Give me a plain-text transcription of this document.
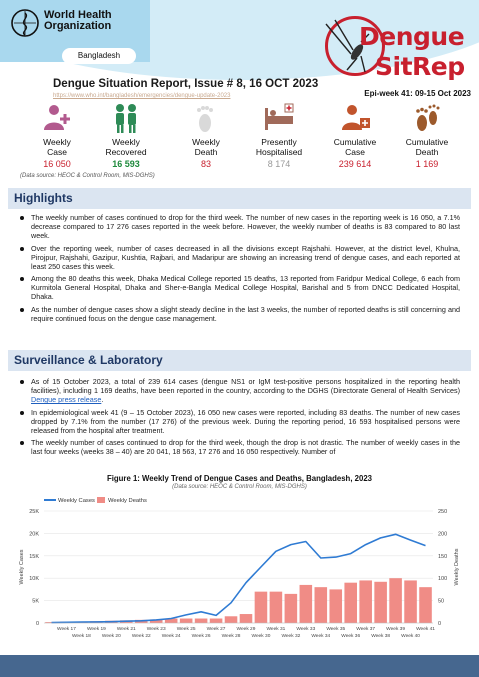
World Health
Organization
Bangladesh
Dengue
SitRep
Dengue Situation Report, Issue # 8, 16 OCT 2023
https://www.who.int/bangladesh/emergencies/dengue-update-2023	Epi-week 41: 09-15 Oct 2023
Weekly
Case
16 050
Weekly
Recovered
16 593
Weekly
Death
83
Presently
Hospitalised
8 174
Cumulative
Case
239 614
Cumulative
Death
1 169
(Data source: HEOC & Control Room, MIS-DGHS)
Highlights
The weekly number of cases continued to drop for the third week. The number of new cases in the reporting week is 16 050, a 7.1% decrease compared to 17 276 cases reported in the week before. However, the weekly number of deaths is 83 compared to 80 last week.
Over the reporting week, number of cases decreased in all the divisions except Rajshahi. However, at the district level, Khulna, Pirojpur, Rajshahi, Gazipur, Kushtia, Rajbari, and Madaripur are showing an increasing trend of dengue cases, and each reported at least 250 cases this week.
Among the 80 deaths this week, Dhaka Medical College reported 15 deaths, 13 reported from Faridpur Medical College, 6 each from Kurmitola General Hospital, Dhaka and Sher-e-Bangla Medical College Hospital, Barishal and 5 from DNCC Dedicated Hospital, Dhaka.
As the number of dengue cases show a slight steady decline in the last 3 weeks, the number of reported deaths is still concerning and require continued focus on the dengue case management.
Surveillance & Laboratory
As of 15 October 2023, a total of 239 614 cases (dengue NS1 or IgM test-positive persons hospitalized in the reporting health facilities), including 1 169 deaths, have been reported in the country, according to the DGHS (Directorate General of Health Services) Dengue press release.
In epidemiological week 41 (9 – 15 October 2023), 16 050 new cases were reported, including 83 deaths. The number of new cases dropped by 7.1% from the number (17 276) of the previous week. During the reporting period, 16 593 hospitalised persons were released from the hospital after treatment.
The weekly number of cases continued to drop for the third week, though the drop is not drastic. The number of weekly cases in the last four weeks (weeks 38 – 40) are 20 041, 18 563, 17 276 and 16 050 respectively. Number of
Figure 1: Weekly Trend of Dengue Cases and Deaths, Bangladesh, 2023
(Data source: HEOC & Control Room, MIS-DGHS)
0
5K
10K
15K
20K
25K
0
50
100
150
200
250
Weekly Cases	Weekly Deaths
Week 17 Week 19 Week 21 Week 23 Week 25 Week 27 Week 29 Week 31 Week 33 Week 35 Week 37 Week 39 Week 41
Week 18 Week 20 Week 22 Week 24 Week 26 Week 28 Week 30 Week 32 Week 34 Week 36 Week 38 Week 40
Weekly Cases Weekly Deaths
